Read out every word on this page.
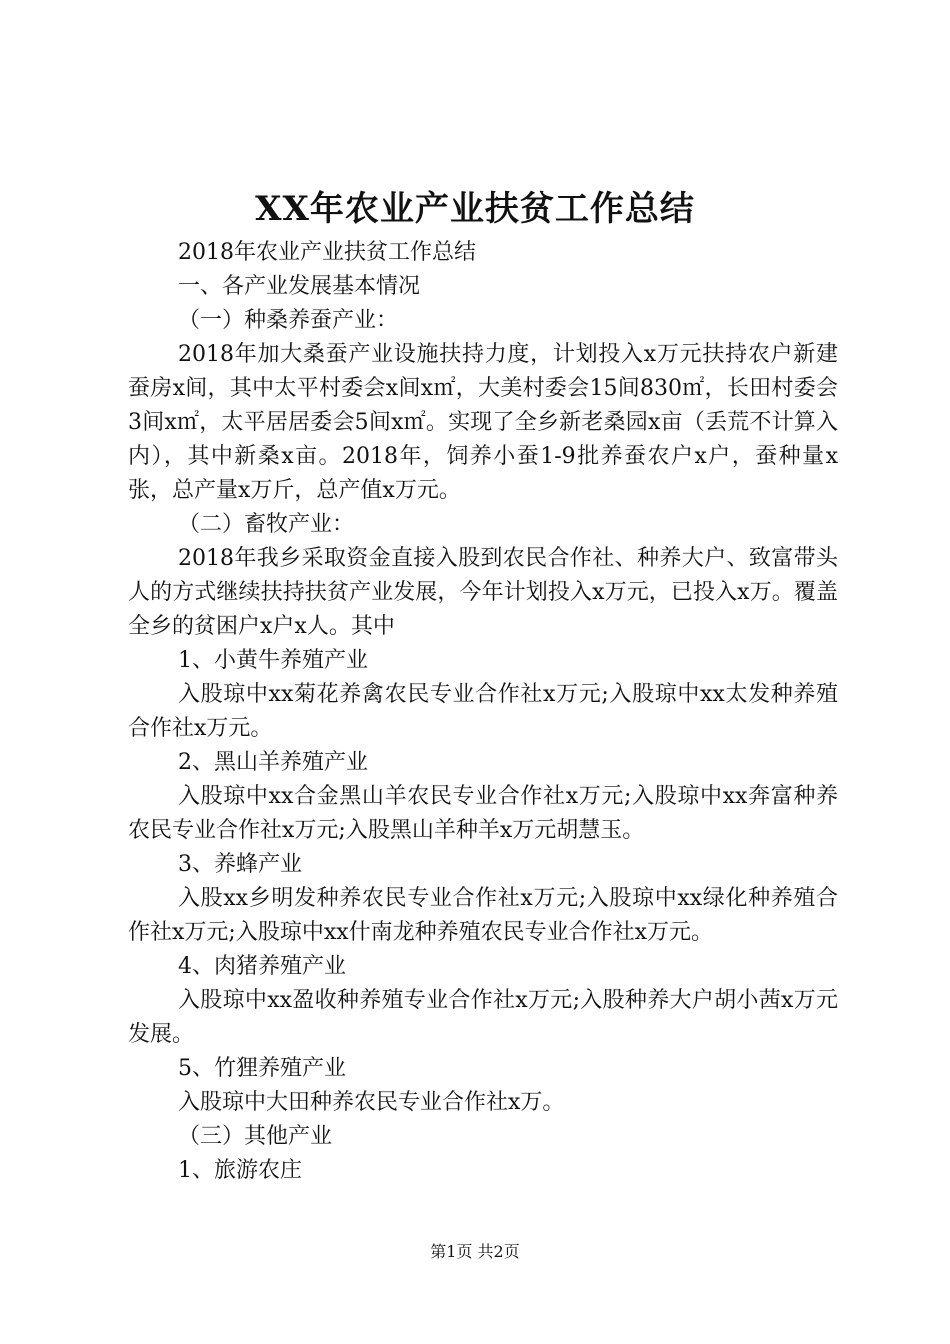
XX年农业产业扶贫工作总结

2018年农业产业扶贫工作总结

一、各产业发展基本情况

（一）种桑养蚕产业：

2018年加大桑蚕产业设施扶持力度，计划投入x万元扶持农户新建蚕房x间，其中太平村委会x间x㎡，大美村委会15间830㎡，长田村委会3间x㎡，太平居居委会5间x㎡。实现了全乡新老桑园x亩（丢荒不计算入内），其中新桑x亩。2018年，饲养小蚕1-9批养蚕农户x户，蚕种量x张，总产量x万斤，总产值x万元。

（二）畜牧产业：

2018年我乡采取资金直接入股到农民合作社、种养大户、致富带头人的方式继续扶持扶贫产业发展，今年计划投入x万元，已投入x万。覆盖全乡的贫困户x户x人。其中

1、小黄牛养殖产业

入股琼中xx菊花养禽农民专业合作社x万元;入股琼中xx太发种养殖合作社x万元。

2、黑山羊养殖产业

入股琼中xx合金黑山羊农民专业合作社x万元;入股琼中xx奔富种养农民专业合作社x万元;入股黑山羊种羊x万元胡慧玉。

3、养蜂产业

入股xx乡明发种养农民专业合作社x万元;入股琼中xx绿化种养殖合作社x万元;入股琼中xx什南龙种养殖农民专业合作社x万元。

4、肉猪养殖产业

入股琼中xx盈收种养殖专业合作社x万元;入股种养大户胡小茜x万元发展。

5、竹狸养殖产业

入股琼中大田种养农民专业合作社x万。

（三）其他产业

1、旅游农庄

第1页 共2页
